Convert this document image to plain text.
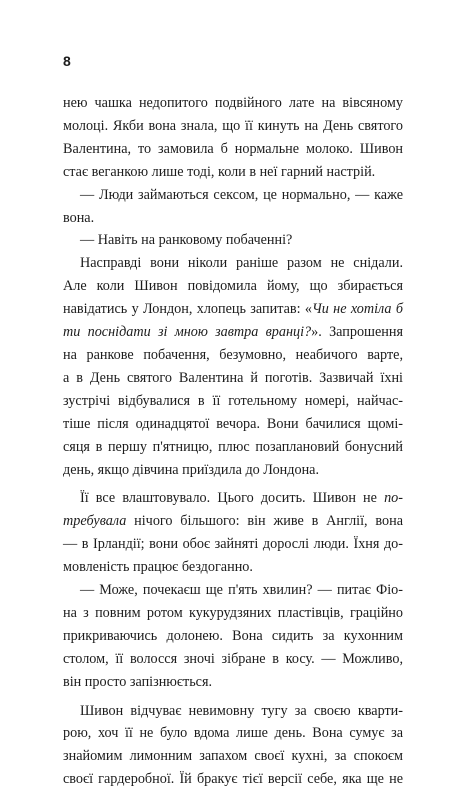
8
нею чашка недопитого подвійного лате на вівсяному
молоці. Якби вона знала, що її кинуть на День святого
Валентина, то замовила б нормальне молоко. Шивон
стає веганкою лише тоді, коли в неї гарний настрій.
— Люди займаються сексом, це нормально, — каже
вона.
— Навіть на ранковому побаченні?
Насправді вони ніколи раніше разом не снідали.
Але коли Шивон повідомила йому, що збирається
навідатись у Лондон, хлопець запитав: «Чи не хотіла б
ти поснідати зі мною завтра вранці?». Запрошення
на ранкове побачення, безумовно, неабичого варте,
а в День святого Валентина й поготів. Зазвичай їхні
зустрічі відбувалися в її готельному номері, найчас-
тіше після одинадцятої вечора. Вони бачилися щомі-
сяця в першу п'ятницю, плюс позаплановий бонусний
день, якщо дівчина приїздила до Лондона.
Її все влаштовувало. Цього досить. Шивон не по-
требувала нічого більшого: він живе в Англії, вона
— в Ірландії; вони обоє зайняті дорослі люди. Їхня до-
мовленість працює бездоганно.
— Може, почекаєш ще п'ять хвилин? — питає Фіо-
на з повним ротом кукурудзяних пластівців, граційно
прикриваючись долонею. Вона сидить за кухонним
столом, її волосся зночі зібране в косу. — Можливо,
він просто запізнюється.
Шивон відчуває невимовну тугу за своєю кварти-
рою, хоч її не було вдома лише день. Вона сумує за
знайомим лимонним запахом своєї кухні, за спокоєм
своєї гардеробної. Їй бракує тієї версії себе, яка ще не
